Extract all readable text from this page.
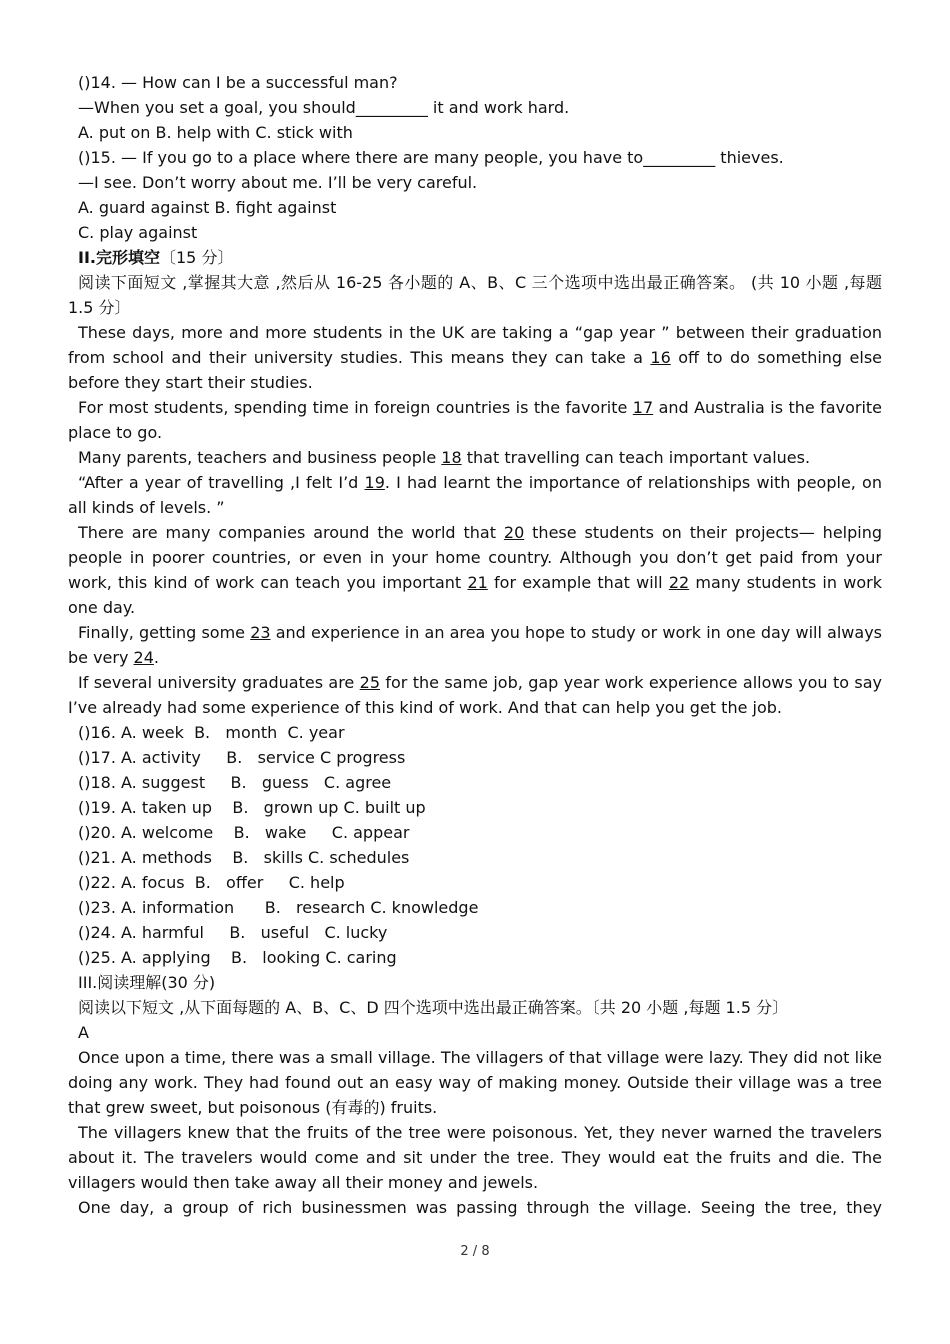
()14. — How can I be a successful man?

—When you set a goal, you should_________ it and work hard.

A. put on B. help with C. stick with

()15. — If you go to a place where there are many people, you have to_________ thieves.

—I see. Don’t worry about me. I’ll be very careful.

A. guard against B. fight against

C. play against

II.完形填空〔15 分〕

阅读下面短文 ,掌握其大意 ,然后从 16-25 各小题的 A、B、C 三个选项中选出最正确答案。 (共 10 小题 ,每题 1.5 分〕

These days, more and more students in the UK are taking a “gap year ” between their graduation from school and their university studies. This means they can take a 16 off to do something else before they start their studies.

For most students, spending time in foreign countries is the favorite 17 and Australia is the favorite place to go.

Many parents, teachers and business people 18 that travelling can teach important values.

“After a year of travelling ,I felt I’d 19. I had learnt the importance of relationships with people, on all kinds of levels. ”

There are many companies around the world that 20 these students on their projects— helping people in poorer countries, or even in your home country. Although you don’t get paid from your work, this kind of work can teach you important 21 for example that will 22 many students in work one day.

Finally, getting some 23 and experience in an area you hope to study or work in one day will always be very 24.

If several university graduates are 25 for the same job, gap year work experience allows you to say I’ve already had some experience of this kind of work. And that can help you get the job.

()16. A. week  B.   month  C. year

()17. A. activity     B.   service C progress

()18. A. suggest     B.   guess   C. agree

()19. A. taken up    B.   grown up C. built up

()20. A. welcome    B.   wake     C. appear

()21. A. methods    B.   skills C. schedules

()22. A. focus  B.   offer     C. help

()23. A. information      B.   research C. knowledge

()24. A. harmful     B.   useful   C. lucky

()25. A. applying    B.   looking C. caring

III.阅读理解(30 分)

阅读以下短文 ,从下面每题的 A、B、C、D 四个选项中选出最正确答案。〔共 20 小题 ,每题 1.5 分〕

A

Once upon a time, there was a small village. The villagers of that village were lazy. They did not like doing any work. They had found out an easy way of making money. Outside their village was a tree that grew sweet, but poisonous (有毒的) fruits.

The villagers knew that the fruits of the tree were poisonous. Yet, they never warned the travelers about it. The travelers would come and sit under the tree. They would eat the fruits and die. The villagers would then take away all their money and jewels.

One day, a group of rich businessmen was passing through the village. Seeing the tree, they

2 / 8
